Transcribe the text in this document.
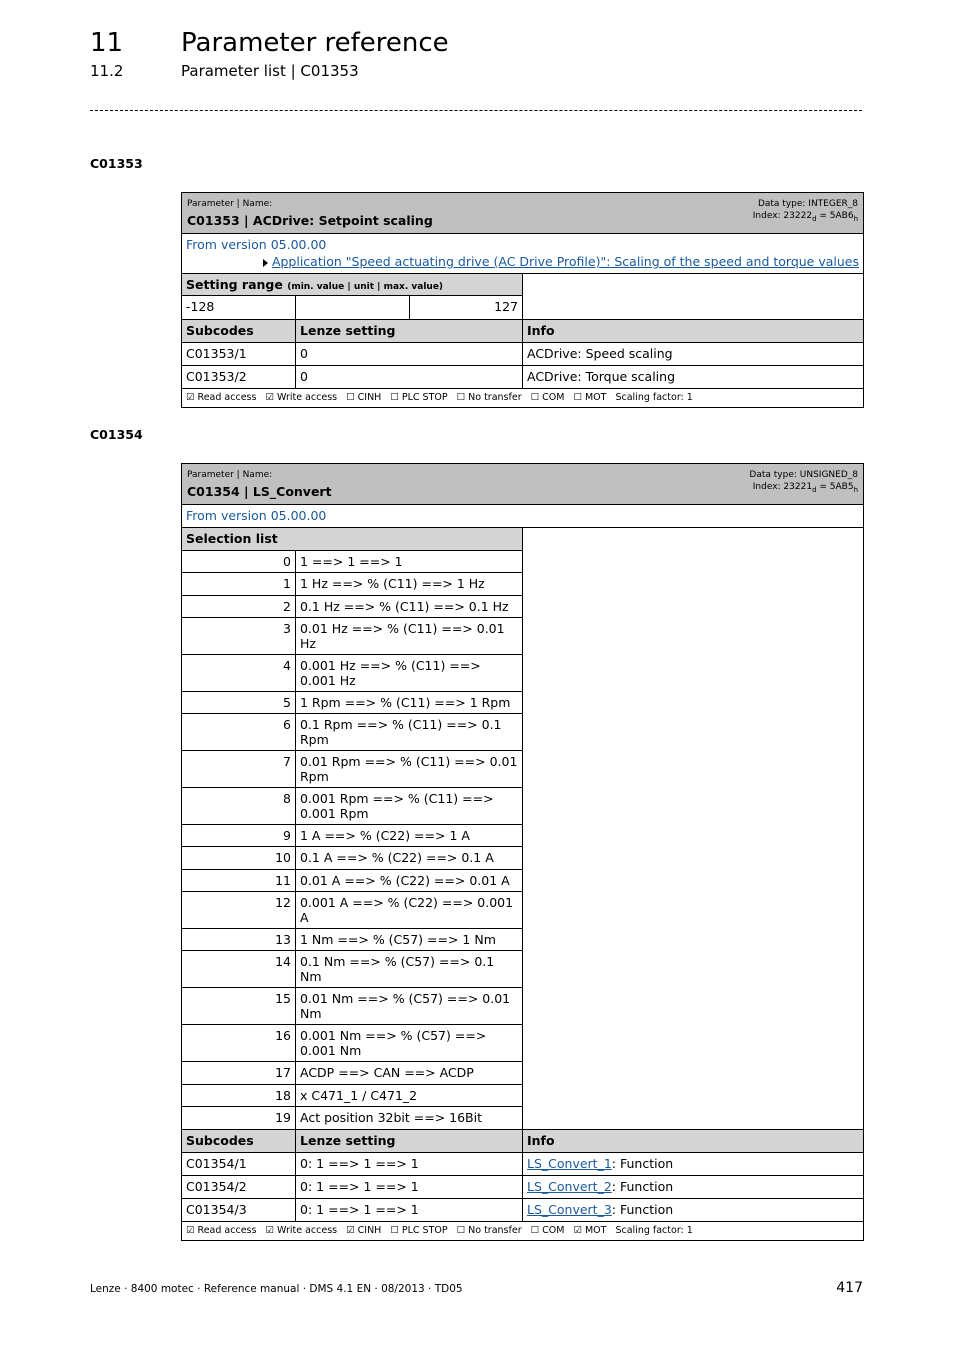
11 Parameter reference
11.2	Parameter list | C01353
C01353
Parameter | Name:
C01353 | ACDrive: Setpoint scaling
Data type: INTEGER_8
Index: $23222_d = 5AB6_h$
From version 05.00.00
Application "Speed actuating drive (AC Drive Profile)": Scaling of the speed and torque values
Setting range (min. value | unit | max. value)
-128	127
Subcodes	Lenze setting	Info
C01353/1	0	ACDrive: Speed scaling
C01353/2	0	ACDrive: Torque scaling
☑ Read access ☑ Write access ☐ CINH ☐ PLC STOP ☐ No transfer ☐ COM ☐ MOT Scaling factor: 1
C01354
Parameter | Name:
C01354 | LS_Convert
Data type: UNSIGNED_8
Index: $23221_d = 5AB5_h$
From version 05.00.00
Selection list
0 1 ==> 1 ==> 1
1 1 Hz ==> % (C11) ==> 1 Hz
2 0.1 Hz ==> % (C11) ==> 0.1 Hz
3 0.01 Hz ==> % (C11) ==> 0.01 Hz
4 0.001 Hz ==> % (C11) ==> 0.001 Hz
5 1 Rpm ==> % (C11) ==> 1 Rpm
6 0.1 Rpm ==> % (C11) ==> 0.1 Rpm
7 0.01 Rpm ==> % (C11) ==> 0.01 Rpm
8 0.001 Rpm ==> % (C11) ==> 0.001 Rpm
9 1 A ==> % (C22) ==> 1 A
10 0.1 A ==> % (C22) ==> 0.1 A
11 0.01 A ==> % (C22) ==> 0.01 A
12 0.001 A ==> % (C22) ==> 0.001 A
13 1 Nm ==> % (C57) ==> 1 Nm
14 0.1 Nm ==> % (C57) ==> 0.1 Nm
15 0.01 Nm ==> % (C57) ==> 0.01 Nm
16 0.001 Nm ==> % (C57) ==> 0.001 Nm
17 ACDP ==> CAN ==> ACDP
18 x C471_1 / C471_2
19 Act position 32bit ==> 16Bit
Subcodes	Lenze setting	Info
C01354/1	0: 1 ==> 1 ==> 1	LS_Convert_1: Function
C01354/2	0: 1 ==> 1 ==> 1	LS_Convert_2: Function
C01354/3	0: 1 ==> 1 ==> 1	LS_Convert_3: Function
☑ Read access ☑ Write access ☑ CINH ☐ PLC STOP ☐ No transfer ☐ COM ☑ MOT Scaling factor: 1
Lenze · 8400 motec · Reference manual · DMS 4.1 EN · 08/2013 · TD05	417
